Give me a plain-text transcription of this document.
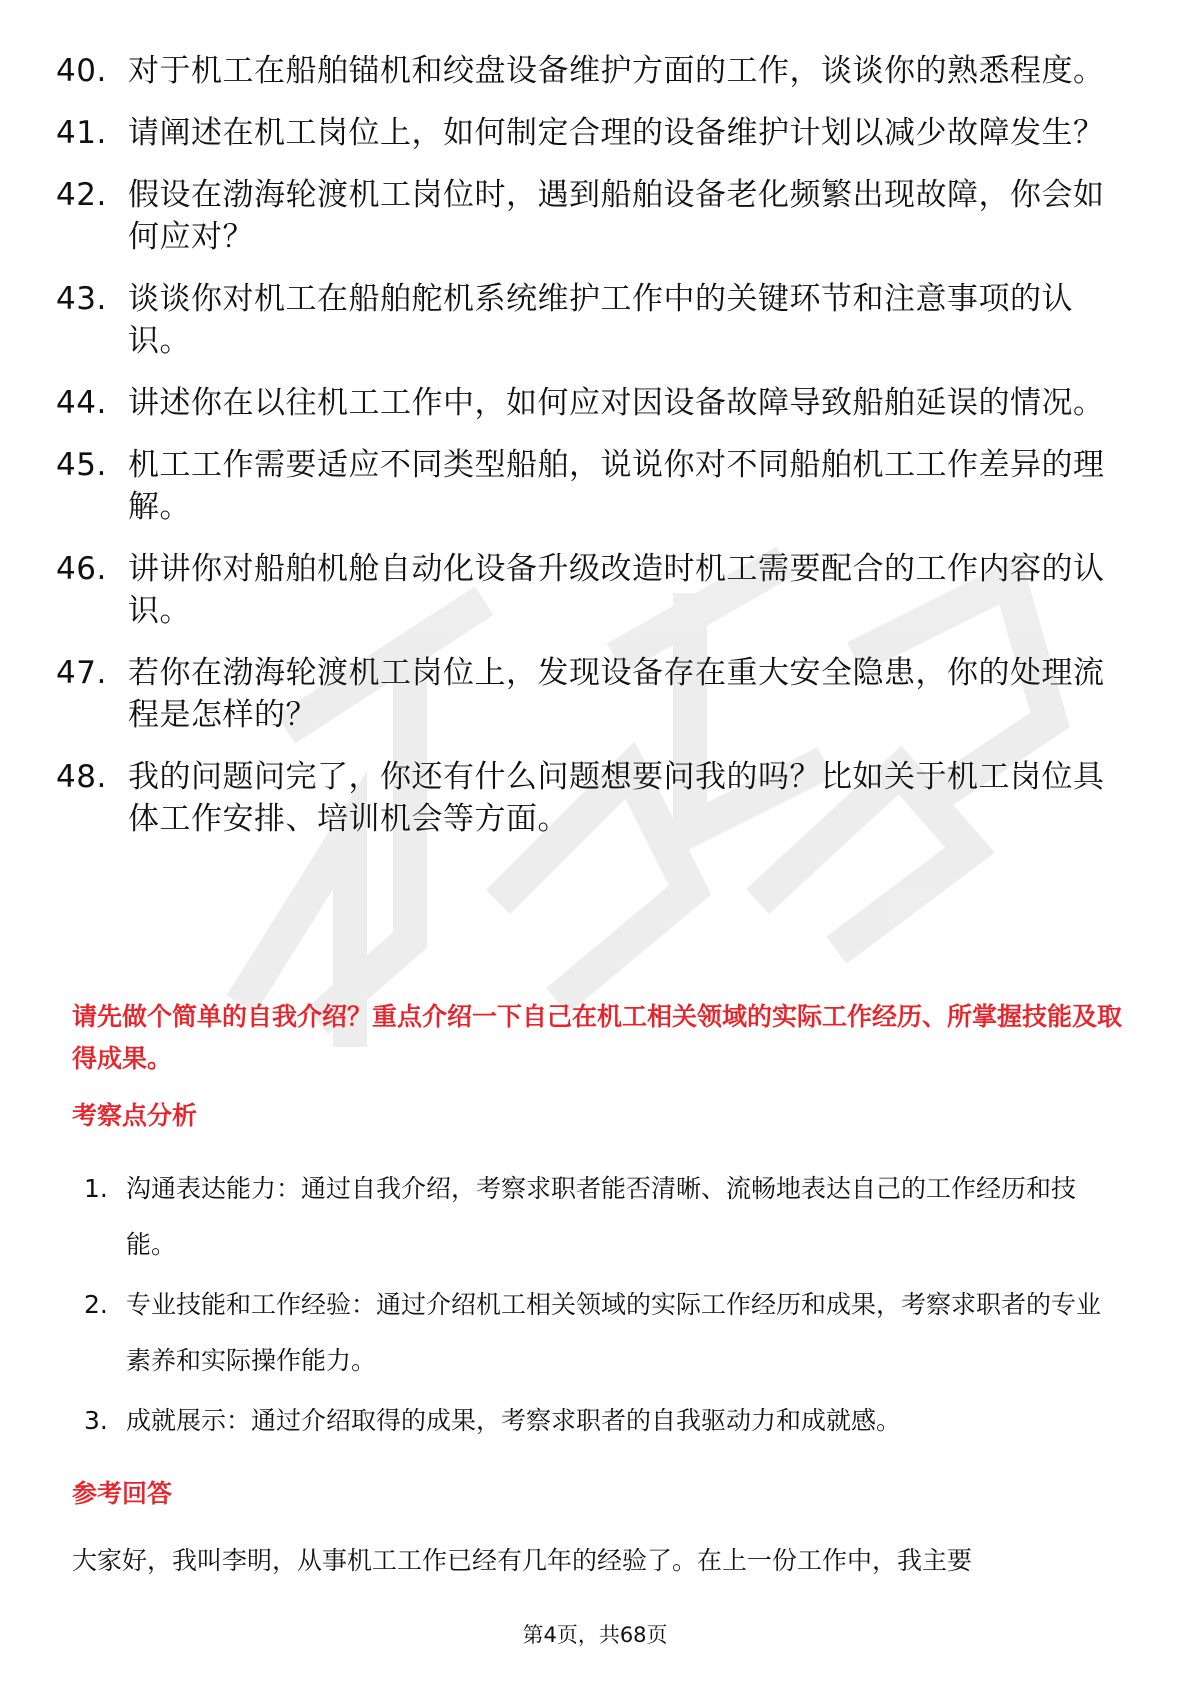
40. 对于机工在船舶锚机和绞盘设备维护方面的工作，谈谈你的熟悉程度。
41. 请阐述在机工岗位上，如何制定合理的设备维护计划以减少故障发生？
42. 假设在渤海轮渡机工岗位时，遇到船舶设备老化频繁出现故障，你会如何应对？
43. 谈谈你对机工在船舶舵机系统维护工作中的关键环节和注意事项的认识。
44. 讲述你在以往机工工作中，如何应对因设备故障导致船舶延误的情况。
45. 机工工作需要适应不同类型船舶，说说你对不同船舶机工工作差异的理解。
46. 讲讲你对船舶机舱自动化设备升级改造时机工需要配合的工作内容的认识。
47. 若你在渤海轮渡机工岗位上，发现设备存在重大安全隐患，你的处理流程是怎样的？
48. 我的问题问完了，你还有什么问题想要问我的吗？比如关于机工岗位具体工作安排、培训机会等方面。
请先做个简单的自我介绍？重点介绍一下自己在机工相关领域的实际工作经历、所掌握技能及取得成果。
考察点分析
1. 沟通表达能力：通过自我介绍，考察求职者能否清晰、流畅地表达自己的工作经历和技能。
2. 专业技能和工作经验：通过介绍机工相关领域的实际工作经历和成果，考察求职者的专业素养和实际操作能力。
3. 成就展示：通过介绍取得的成果，考察求职者的自我驱动力和成就感。
参考回答
大家好，我叫李明，从事机工工作已经有几年的经验了。在上一份工作中，我主要
第4页，共68页
